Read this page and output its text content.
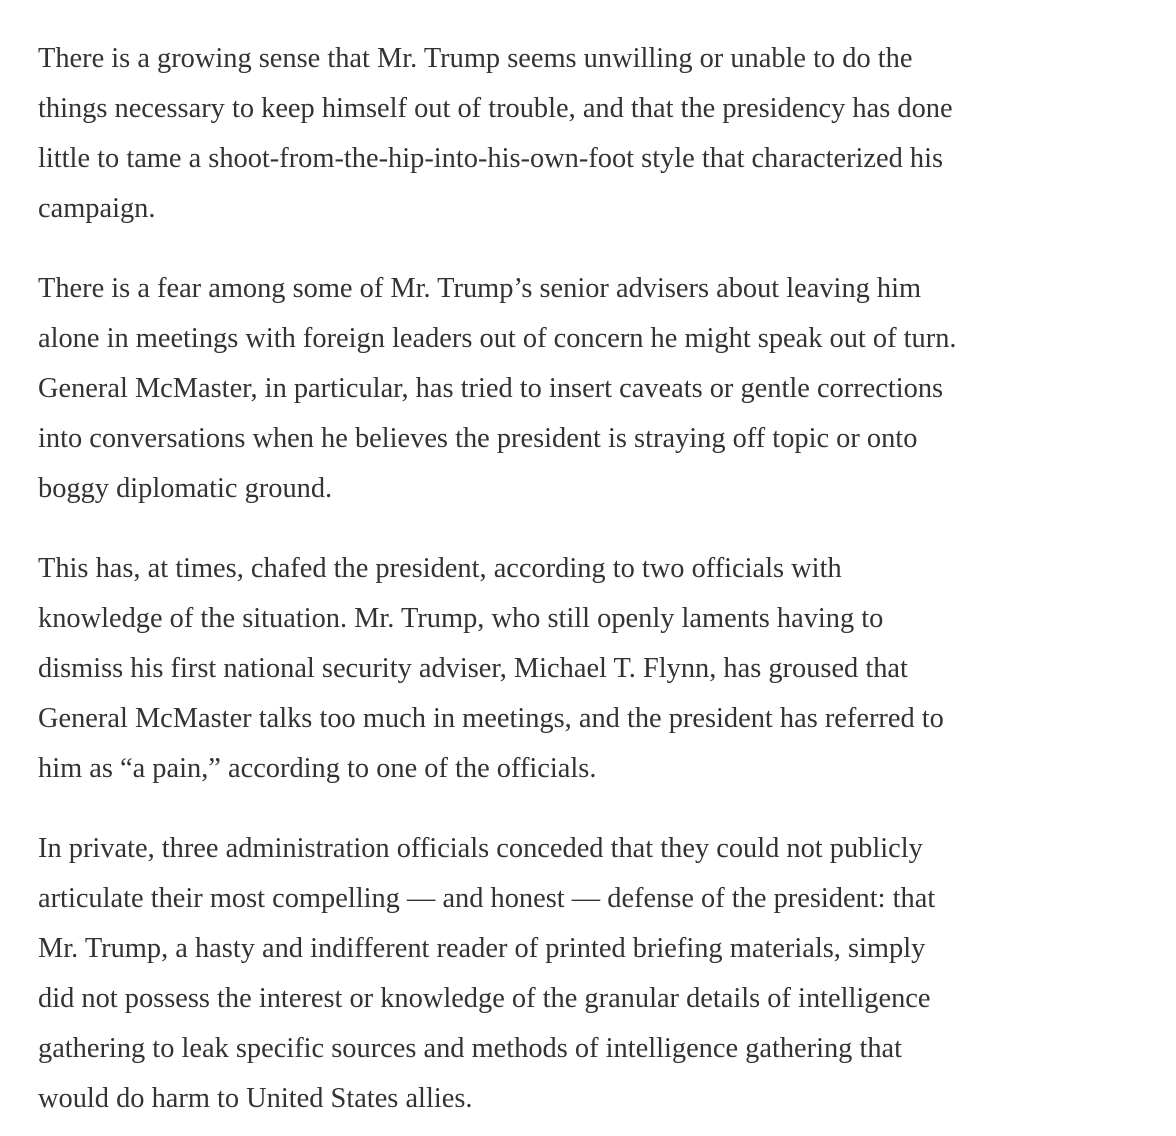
There is a growing sense that Mr. Trump seems unwilling or unable to do the
things necessary to keep himself out of trouble, and that the presidency has done
little to tame a shoot-from-the-hip-into-his-own-foot style that characterized his
campaign.

There is a fear among some of Mr. Trump’s senior advisers about leaving him
alone in meetings with foreign leaders out of concern he might speak out of turn.
General McMaster, in particular, has tried to insert caveats or gentle corrections
into conversations when he believes the president is straying off topic or onto
boggy diplomatic ground.

This has, at times, chafed the president, according to two officials with
knowledge of the situation. Mr. Trump, who still openly laments having to
dismiss his first national security adviser, Michael T. Flynn, has groused that
General McMaster talks too much in meetings, and the president has referred to
him as “a pain,” according to one of the officials.

In private, three administration officials conceded that they could not publicly
articulate their most compelling — and honest — defense of the president: that
Mr. Trump, a hasty and indifferent reader of printed briefing materials, simply
did not possess the interest or knowledge of the granular details of intelligence
gathering to leak specific sources and methods of intelligence gathering that
would do harm to United States allies.
